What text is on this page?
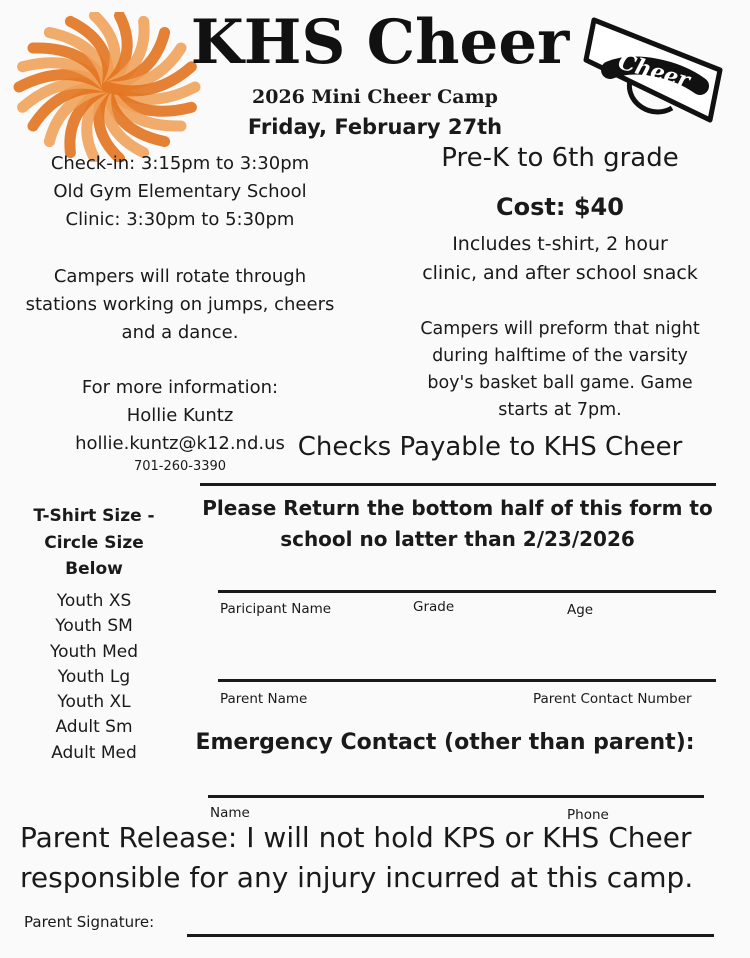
Cheer
KHS Cheer
2026 Mini Cheer Camp
Friday, February 27th
Check-in: 3:15pm to 3:30pm
Old Gym Elementary School
Clinic: 3:30pm to 5:30pm
Campers will rotate through
stations working on jumps, cheers
and a dance.
For more information:
Hollie Kuntz
hollie.kuntz@k12.nd.us
701-260-3390
Pre-K to 6th grade
Cost: $40
Includes t-shirt, 2 hour
clinic, and after school snack
Campers will preform that night
during halftime of the varsity
boy's basket ball game. Game
starts at 7pm.
Checks Payable to KHS Cheer
T-Shirt Size -
Circle Size
Below
Youth XS
Youth SM
Youth Med
Youth Lg
Youth XL
Adult Sm
Adult Med
Please Return the bottom half of this form to
school no latter than 2/23/2026
Paricipant Name	Grade	Age
Parent Name	Parent Contact Number
Emergency Contact (other than parent):
Name	Phone
Parent Release: I will not hold KPS or KHS Cheer
responsible for any injury incurred at this camp.
Parent Signature:
